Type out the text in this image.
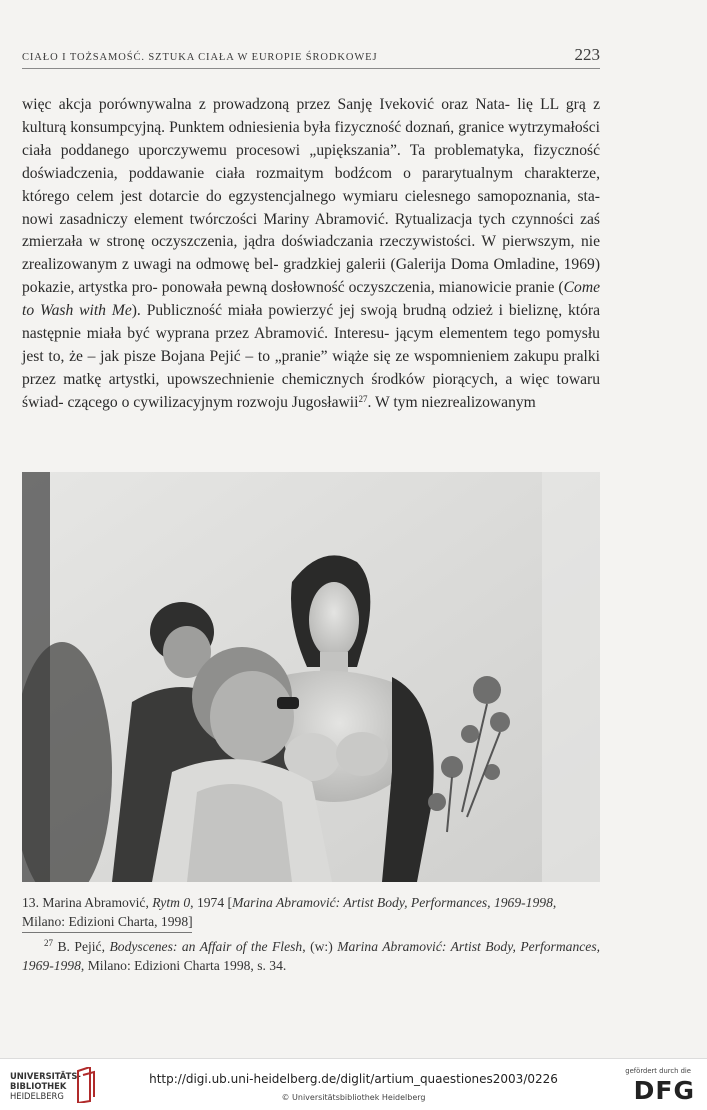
CIAŁO I TOŻSAMOŚĆ. SZTUKA CIAŁA W EUROPIE ŚRODKOWEJ	223

więc akcja porównywalna z prowadzoną przez Sanję Iveković oraz Nata- lię LL grą z kulturą konsumpcyjną. Punktem odniesienia była fizyczność doznań, granice wytrzymałości ciała poddanego uporczywemu procesowi „upiększania”. Ta problematyka, fizyczność doświadczenia, poddawanie ciała rozmaitym bodźcom o pararytualnym charakterze, którego celem jest dotarcie do egzystencjalnego wymiaru cielesnego samopoznania, sta- nowi zasadniczy element twórczości Mariny Abramović. Rytualizacja tych czynności zaś zmierzała w stronę oczyszczenia, jądra doświadczania rzeczywistości. W pierwszym, nie zrealizowanym z uwagi na odmowę bel- gradzkiej galerii (Galerija Doma Omladine, 1969) pokazie, artystka pro- ponowała pewną dosłowność oczyszczenia, mianowicie pranie (Come to Wash with Me). Publiczność miała powierzyć jej swoją brudną odzież i bieliznę, która następnie miała być wyprana przez Abramović. Interesu- jącym elementem tego pomysłu jest to, że – jak pisze Bojana Pejić – to „pranie” wiąże się ze wspomnieniem zakupu pralki przez matkę artystki, upowszechnienie chemicznych środków piorących, a więc towaru świad- czącego o cywilizacyjnym rozwoju Jugosławii$^{27}$. W tym niezrealizowanym

13. Marina Abramović, Rytm 0, 1974 [Marina Abramović: Artist Body, Performances, 1969-1998, Milano: Edizioni Charta, 1998]
$^{27}$ B. Pejić, Bodyscenes: an Affair of the Flesh, (w:) Marina Abramović: Artist Body, Performances, 1969-1998, Milano: Edizioni Charta 1998, s. 34.
UNIVERSITÄTS-
BIBLIOTHEK
HEIDELBERG
http://digi.ub.uni-heidelberg.de/diglit/artium_quaestiones2003/0226
© Universitätsbibliothek Heidelberg
gefördert durch die
DFG
